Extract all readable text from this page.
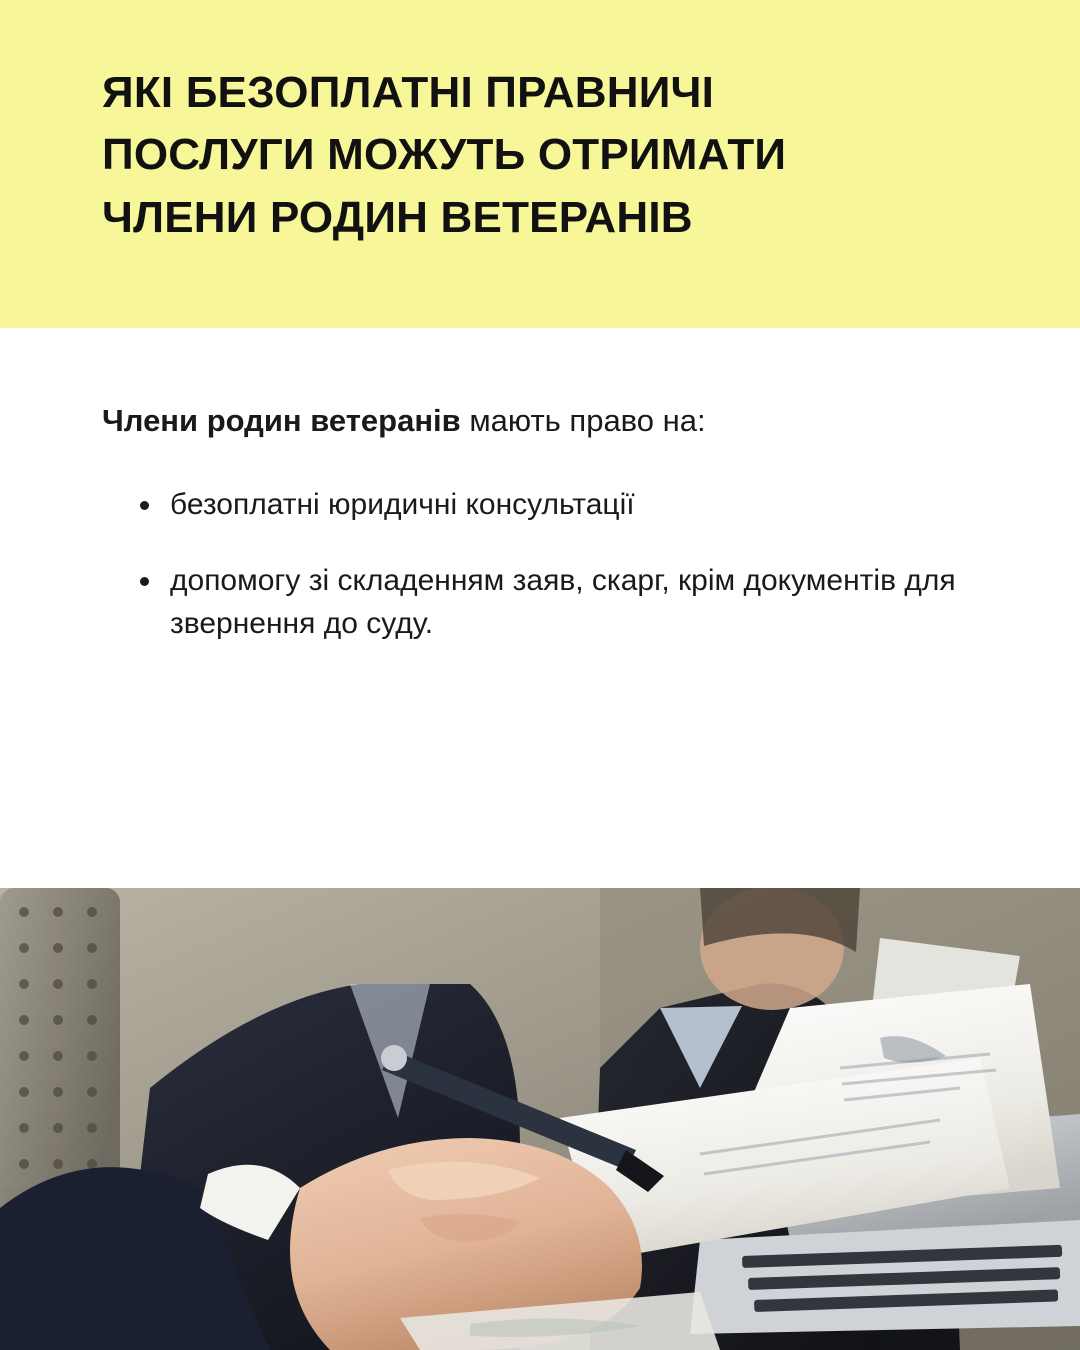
ЯКІ БЕЗОПЛАТНІ ПРАВНИЧІ ПОСЛУГИ МОЖУТЬ ОТРИМАТИ ЧЛЕНИ РОДИН ВЕТЕРАНІВ

Члени родин ветеранів мають право на:

безоплатні юридичні консультації
допомогу зі складенням заяв, скарг, крім документів для звернення до суду.
